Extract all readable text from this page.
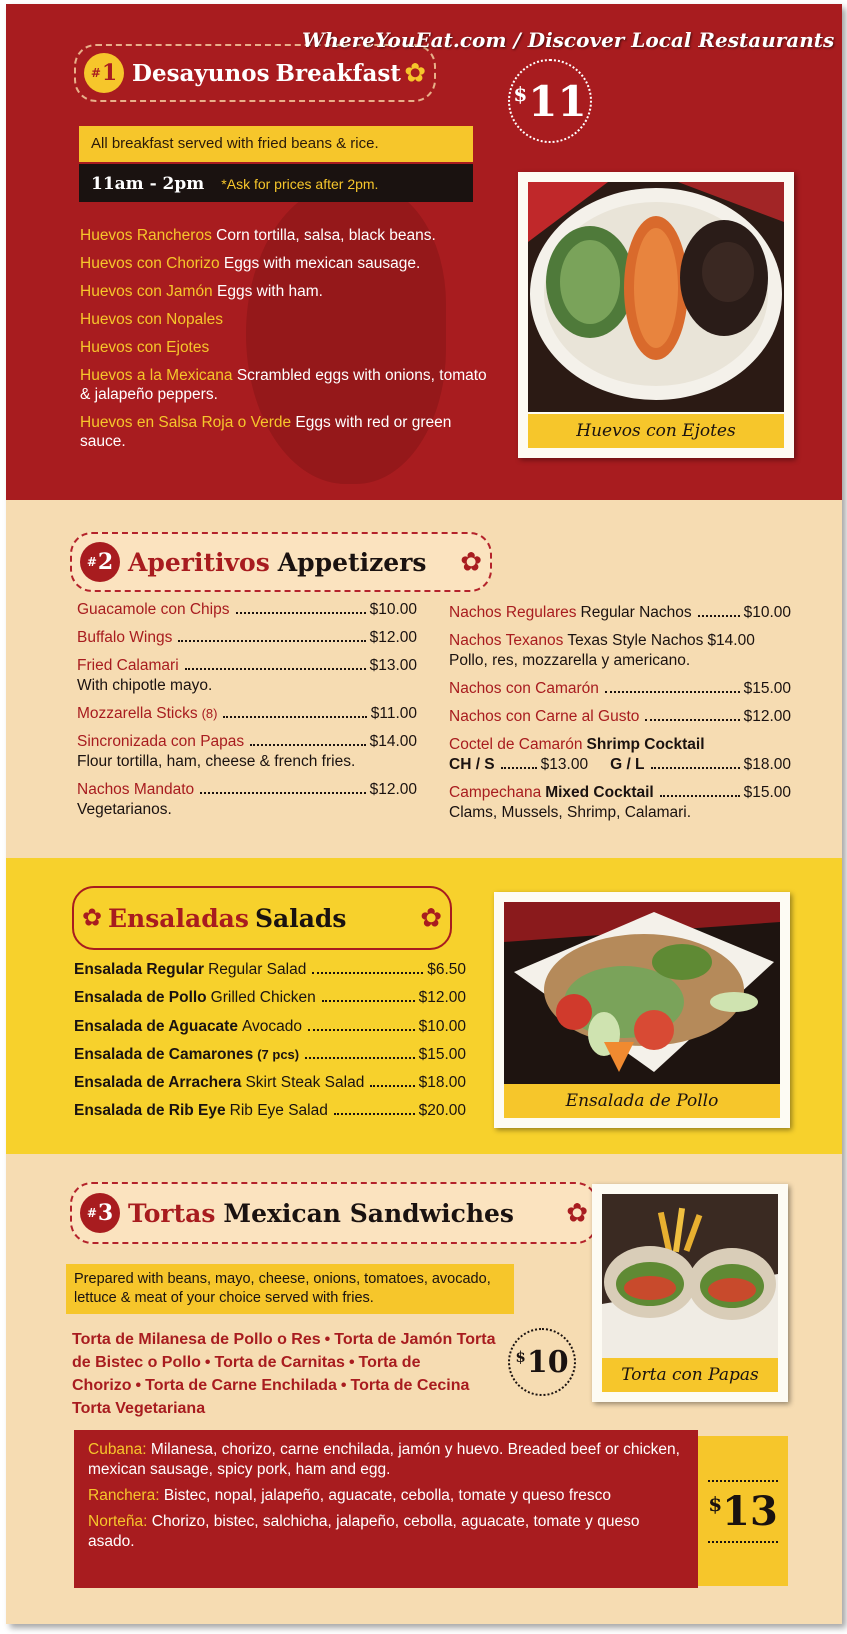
WhereYouEat.com / Discover Local Restaurants
# 1 Desayunos Breakfast ✿
$ 11
All breakfast served with fried beans & rice.
11am - 2pm *Ask for prices after 2pm.
Huevos Rancheros Corn tortilla, salsa, black beans.
Huevos con Chorizo Eggs with mexican sausage.
Huevos con Jamón Eggs with ham.
Huevos con Nopales
Huevos con Ejotes
Huevos a la Mexicana Scrambled eggs with onions, tomato & jalapeño peppers.
Huevos en Salsa Roja o Verde Eggs with red or green sauce.
Huevos con Ejotes
# 2 Aperitivos Appetizers ✿
Guacamole con Chips	$10.00
Buffalo Wings	$12.00
Fried Calamari	$13.00
With chipotle mayo.
Mozzarella Sticks (8)	$11.00
Sincronizada con Papas	$14.00
Flour tortilla, ham, cheese & french fries.
Nachos Mandato	$12.00
Vegetarianos.
Nachos Regulares Regular Nachos	$10.00
Nachos Texanos Texas Style Nachos $14.00
Pollo, res, mozzarella y americano.
Nachos con Camarón	$15.00
Nachos con Carne al Gusto	$12.00
Coctel de Camarón Shrimp Cocktail
CH / S	$13.00 G / L	$18.00
Campechana Mixed Cocktail	$15.00
Clams, Mussels, Shrimp, Calamari.
✿ Ensaladas Salads	✿
Ensalada Regular Regular Salad	$6.50
Ensalada de Pollo Grilled Chicken	$12.00
Ensalada de Aguacate Avocado	$10.00
Ensalada de Camarones (7 pcs)	$15.00
Ensalada de Arrachera Skirt Steak Salad	$18.00
Ensalada de Rib Eye Rib Eye Salad	$20.00	Ensalada de Pollo
# 3 Tortas Mexican Sandwiches ✿
Prepared with beans, mayo, cheese, onions, tomatoes, avocado, lettuce & meat of your choice served with fries.
Torta de Milanesa de Pollo o Res • Torta de Jamón Torta de Bistec o Pollo • Torta de Carnitas • Torta de Chorizo • Torta de Carne Enchilada • Torta de Cecina Torta Vegetariana
$ 10	Torta con Papas
Cubana: Milanesa, chorizo, carne enchilada, jamón y huevo. Breaded beef or chicken, mexican sausage, spicy pork, ham and egg.
Ranchera: Bistec, nopal, jalapeño, aguacate, cebolla, tomate y queso fresco
Norteña: Chorizo, bistec, salchicha, jalapeño, cebolla, aguacate, tomate y queso asado.
$ 13
